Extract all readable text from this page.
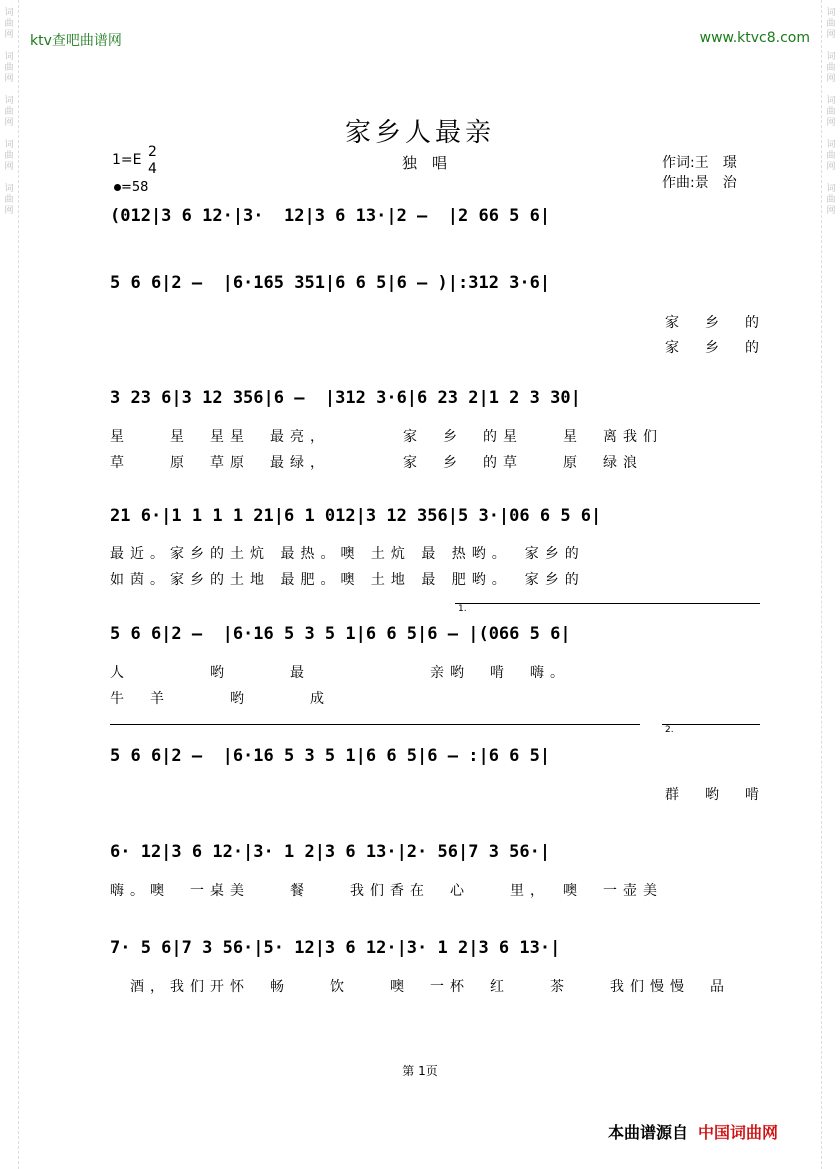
词
曲
网

词
曲
网

词
曲
网

词
曲
网

词
曲
网
词
曲
网

词
曲
网

词
曲
网

词
曲
网

词
曲
网
ktv查吧曲谱网	www.ktvc8.com
家乡人最亲
1=E 2
4
=58
独　唱	作词:王　璟
作曲:景　治
(012|3 6 12·|3·  12|3 6 13·|2 –  |2 66 5 6|
5 6 6|2 –  |6·165 351|6 6 5|6 – )|:312 3·6|
家　乡　的
家　乡　的
3 23 6|3 12 356|6 –  |312 3·6|6 23 2|1 2 3 30|
星　　星　星星　最亮，　　　　家　乡　的星　　星　离我们
草　　原　草原　最绿，　　　　家　乡　的草　　原　绿浪
21 6·|1 1 1 1 21|6 1 012|3 12 356|5 3·|06 6 5 6|
最近。家乡的土炕 最热。噢 土炕 最 热哟。　家乡的
如茵。家乡的土地 最肥。噢 土地 最 肥哟。　家乡的
1.
5 6 6|2 –  |6·16 5 3 5 1|6 6 5|6 – |(066 5 6|
人　　　　哟　　　最　　　　　　亲哟　啃　嗨。
牛　羊　　　哟　　　成
2.
5 6 6|2 –  |6·16 5 3 5 1|6 6 5|6 – :|6 6 5|
群　哟　啃
6· 12|3 6 12·|3· 1 2|3 6 13·|2· 56|7 3 56·|
嗨。噢　一桌美　　餐　　我们香在　心　　里，　噢　一壶美
7· 5 6|7 3 56·|5· 12|3 6 12·|3· 1 2|3 6 13·|
酒，我们开怀　畅　　饮　　噢　一杯　红　　茶　　我们慢慢　品
第 1页
本曲谱源自 中国词曲网
